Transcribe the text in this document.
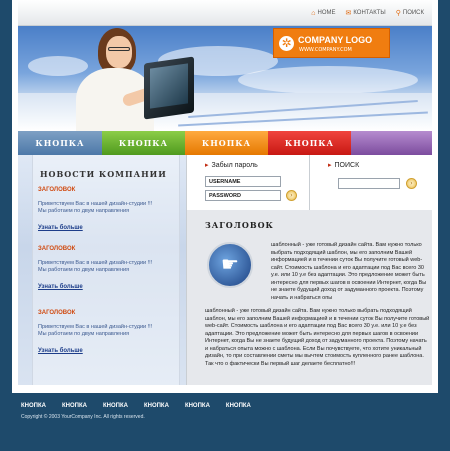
⌂ HOME ✉ КОНТАКТЫ ⚲ ПОИСК
✲ COMPANY LOGO
WWW.COMPANY.COM
КНОПКА	КНОПКА	КНОПКА	КНОПКА
НОВОСТИ КОМПАНИИ
ЗАГОЛОВОК
Приветствуем Вас в нашей дизайн-студии !!!
Мы работаем по двум направления
Узнать больше
ЗАГОЛОВОК
Приветствуем Вас в нашей дизайн-студии !!!
Мы работаем по двум направления
Узнать больше
ЗАГОЛОВОК
Приветствуем Вас в нашей дизайн-студии !!!
Мы работаем по двум направления
Узнать больше
▸ Забыл пароль
USERNAME
PASSWORD	›
▸ ПОИСК
›
ЗАГОЛОВОК
☛
шаблонный - уже готовый дизайн сайта. Вам нужно только выбрать подходящий шаблон, мы его заполним Вашей информацией и в течении суток Вы получите готовый web-сайт. Стоимость шаблона и его адаптации под Вас всего 30 у.е. или 10 у.е без адаптации. Это предложение может быть интересно для первых шагов в освоении Интернет, когда Вы не знаете будущий доход от задуманного проекта. Поэтому начать и набраться опы
шаблонный - уже готовый дизайн сайта. Вам нужно только выбрать подходящий шаблон, мы его заполним Вашей информацией и в течении суток Вы получите готовый web-сайт. Стоимость шаблона и его адаптации под Вас всего 30 у.е. или 10 у.е без адаптации. Это предложение может быть интересно для первых шагов в освоении Интернет, когда Вы не знаете будущий доход от задуманного проекта. Поэтому начать и набраться опыта можно с шаблона. Если Вы почувствуете, что хотите уникальный дизайн, то при составлении сметы мы вычтем стоимость купленного ранее шаблона. Так что о фактически Вы первый шаг делаете бесплатно!!!
КНОПКА	КНОПКА	КНОПКА	КНОПКА	КНОПКА	КНОПКА
Copyright © 2003 YourCompany Inc. All rights reserved.
